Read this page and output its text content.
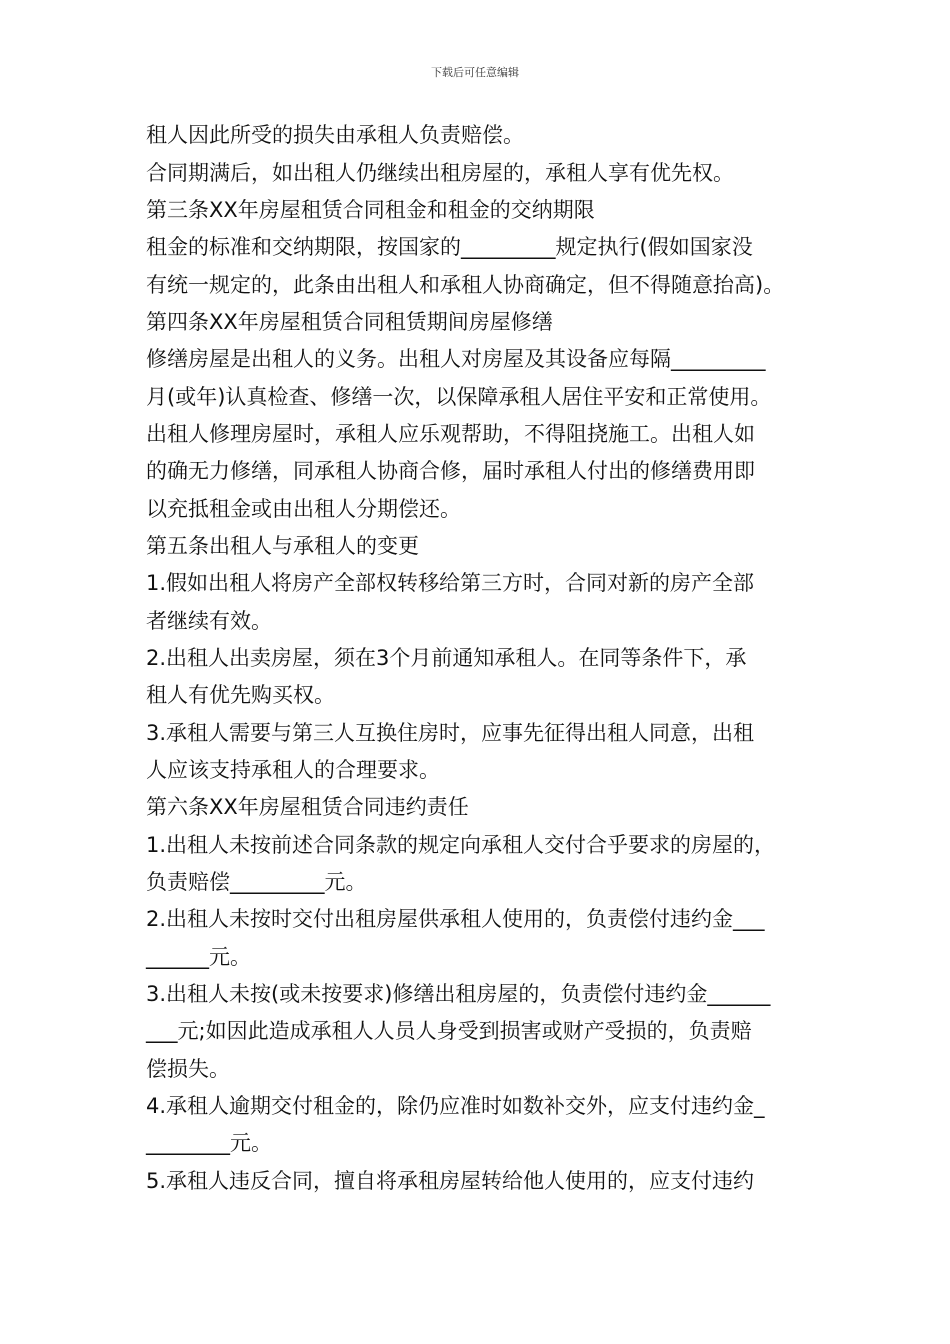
下载后可任意编辑
租人因此所受的损失由承租人负责赔偿。
合同期满后，如出租人仍继续出租房屋的，承租人享有优先权。
第三条XX年房屋租赁合同租金和租金的交纳期限
租金的标准和交纳期限，按国家的_________规定执行(假如国家没
有统一规定的，此条由出租人和承租人协商确定，但不得随意抬高)。
第四条XX年房屋租赁合同租赁期间房屋修缮
修缮房屋是出租人的义务。出租人对房屋及其设备应每隔_________
月(或年)认真检查、修缮一次，以保障承租人居住平安和正常使用。
出租人修理房屋时，承租人应乐观帮助，不得阻挠施工。出租人如
的确无力修缮，同承租人协商合修，届时承租人付出的修缮费用即
以充抵租金或由出租人分期偿还。
第五条出租人与承租人的变更
1.假如出租人将房产全部权转移给第三方时，合同对新的房产全部
者继续有效。
2.出租人出卖房屋，须在3个月前通知承租人。在同等条件下，承
租人有优先购买权。
3.承租人需要与第三人互换住房时，应事先征得出租人同意，出租
人应该支持承租人的合理要求。
第六条XX年房屋租赁合同违约责任
1.出租人未按前述合同条款的规定向承租人交付合乎要求的房屋的，
负责赔偿_________元。
2.出租人未按时交付出租房屋供承租人使用的，负责偿付违约金___
______元。
3.出租人未按(或未按要求)修缮出租房屋的，负责偿付违约金______
___元;如因此造成承租人人员人身受到损害或财产受损的，负责赔
偿损失。
4.承租人逾期交付租金的，除仍应准时如数补交外，应支付违约金_
________元。
5.承租人违反合同，擅自将承租房屋转给他人使用的，应支付违约
